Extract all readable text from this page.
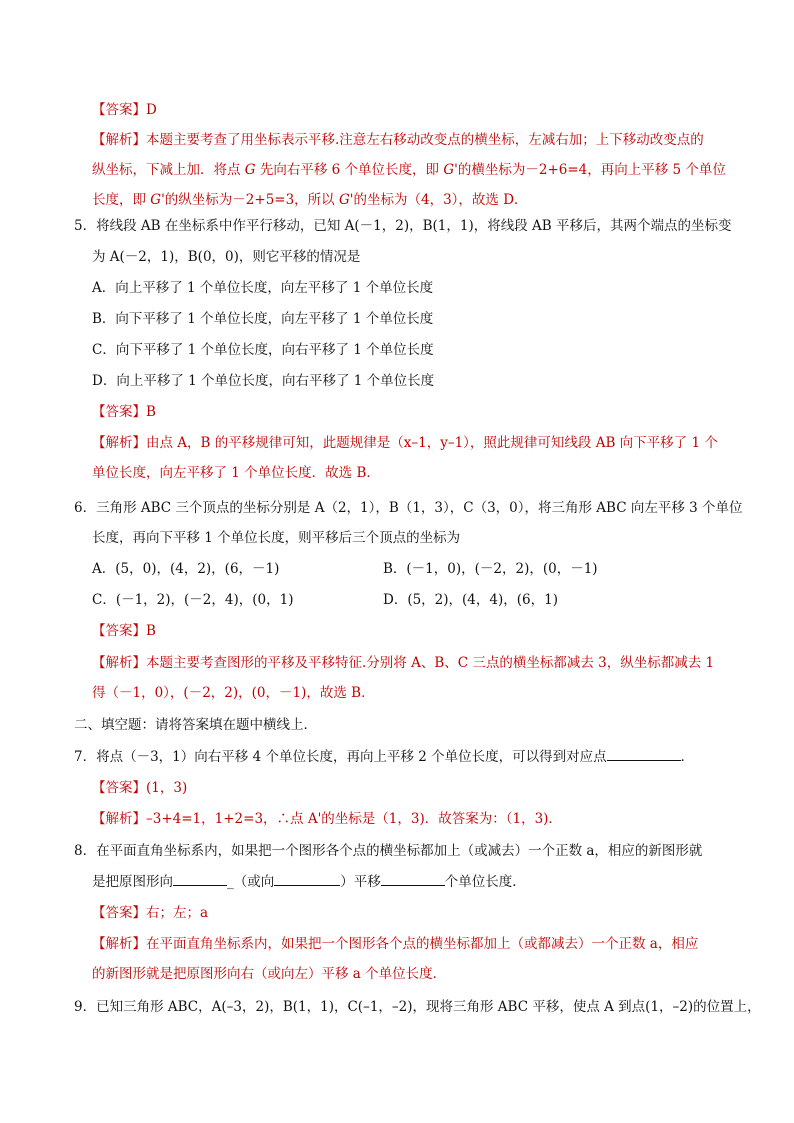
【答案】D
【解析】本题主要考查了用坐标表示平移.注意左右移动改变点的横坐标，左减右加；上下移动改变点的
纵坐标，下减上加．将点 G 先向右平移 6 个单位长度，即 G'的横坐标为－2+6=4，再向上平移 5 个单位
长度，即 G'的纵坐标为－2+5=3，所以 G'的坐标为（4，3），故选 D．
5．将线段 AB 在坐标系中作平行移动，已知 A(－1，2)，B(1，1)，将线段 AB 平移后，其两个端点的坐标变
为 A(－2，1)，B(0，0)，则它平移的情况是
A．向上平移了 1 个单位长度，向左平移了 1 个单位长度
B．向下平移了 1 个单位长度，向左平移了 1 个单位长度
C．向下平移了 1 个单位长度，向右平移了 1 个单位长度
D．向上平移了 1 个单位长度，向右平移了 1 个单位长度
【答案】B
【解析】由点 A，B 的平移规律可知，此题规律是（x–1，y–1），照此规律可知线段 AB 向下平移了 1 个
单位长度，向左平移了 1 个单位长度．故选 B．
6．三角形 ABC 三个顶点的坐标分别是 A（2，1），B（1，3），C（3，0），将三角形 ABC 向左平移 3 个单位
长度，再向下平移 1 个单位长度，则平移后三个顶点的坐标为
A．(5，0)，(4，2)，(6，－1)	B．(－1，0)，(－2，2)，(0，－1)
C．(－1，2)，(－2，4)，(0，1)	D．(5，2)，(4，4)，(6，1)
【答案】B
【解析】本题主要考查图形的平移及平移特征.分别将 A、B、C 三点的横坐标都减去 3，纵坐标都减去 1
得（－1，0），(－2，2)，(0，－1)，故选 B．
二、填空题：请将答案填在题中横线上．
7．将点（－3，1）向右平移 4 个单位长度，再向上平移 2 个单位长度，可以得到对应点	．
【答案】(1，3)
【解析】–3+4=1，1+2=3，∴点 A'的坐标是（1，3)．故答案为：（1，3)．
8．在平面直角坐标系内，如果把一个图形各个点的横坐标都加上（或减去）一个正数 a，相应的新图形就
是把原图形向	_（或向	）平移	个单位长度．
【答案】右；左；a
【解析】在平面直角坐标系内，如果把一个图形各个点的横坐标都加上（或都减去）一个正数 a，相应
的新图形就是把原图形向右（或向左）平移 a 个单位长度．
9．已知三角形 ABC，A(–3，2)，B(1，1)，C(–1，–2)，现将三角形 ABC 平移，使点 A 到点(1，–2)的位置上，
